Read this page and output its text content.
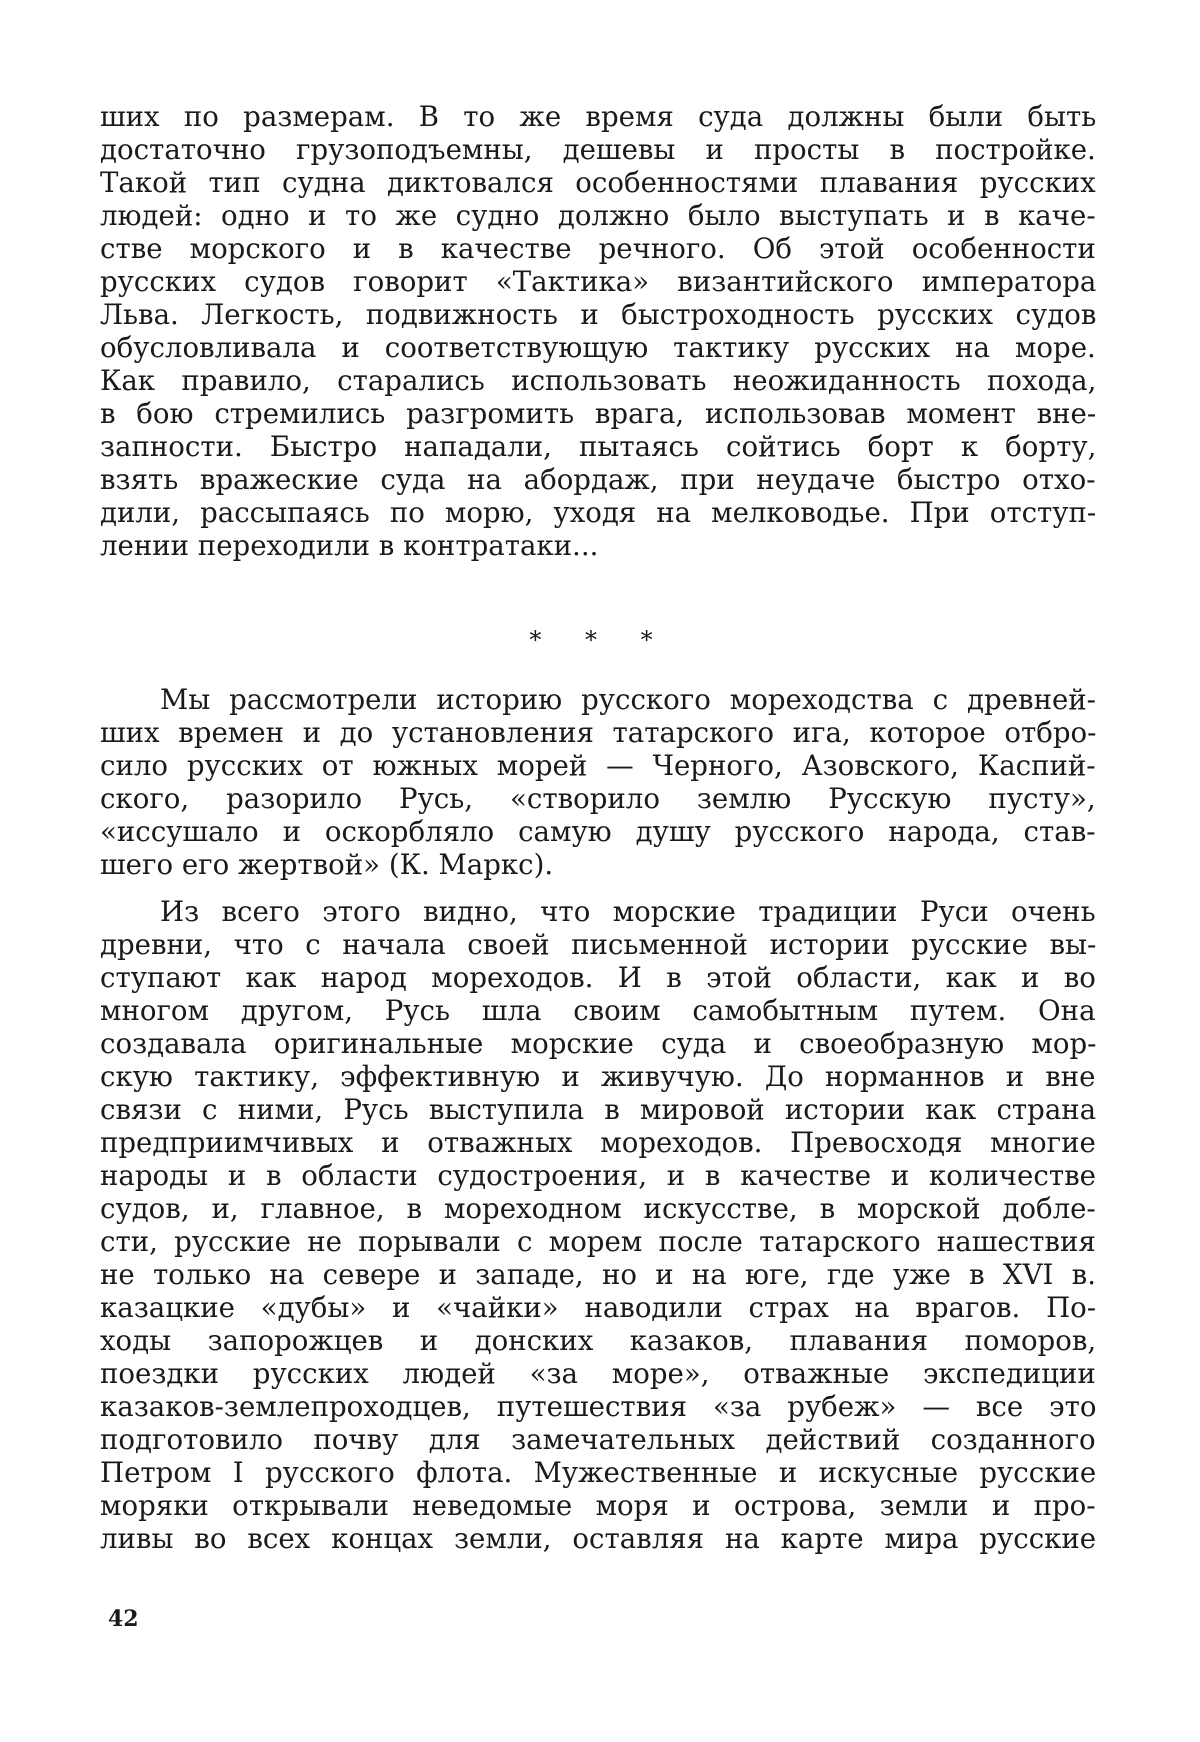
ших по размерам. В то же время суда должны были быть
достаточно грузоподъемны, дешевы и просты в постройке.
Такой тип судна диктовался особенностями плавания русских
людей: одно и то же судно должно было выступать и в каче-
стве морского и в качестве речного. Об этой особенности
русских судов говорит «Тактика» византийского императора
Льва. Легкость, подвижность и быстроходность русских судов
обусловливала и соответствующую тактику русских на море.
Как правило, старались использовать неожиданность похода,
в бою стремились разгромить врага, использовав момент вне-
запности. Быстро нападали, пытаясь сойтись борт к борту,
взять вражеские суда на абордаж, при неудаче быстро отхо-
дили, рассыпаясь по морю, уходя на мелководье. При отступ-
лении переходили в контратаки...
* * *
Мы рассмотрели историю русского мореходства с древней-
ших времен и до установления татарского ига, которое отбро-
сило русских от южных морей — Черного, Азовского, Каспий-
ского, разорило Русь, «створило землю Русскую пусту»,
«иссушало и оскорбляло самую душу русского народа, став-
шего его жертвой» (К. Маркс).
Из всего этого видно, что морские традиции Руси очень
древни, что с начала своей письменной истории русские вы-
ступают как народ мореходов. И в этой области, как и во
многом другом, Русь шла своим самобытным путем. Она
создавала оригинальные морские суда и своеобразную мор-
скую тактику, эффективную и живучую. До норманнов и вне
связи с ними, Русь выступила в мировой истории как страна
предприимчивых и отважных мореходов. Превосходя многие
народы и в области судостроения, и в качестве и количестве
судов, и, главное, в мореходном искусстве, в морской добле-
сти, русские не порывали с морем после татарского нашествия
не только на севере и западе, но и на юге, где уже в XVI в.
казацкие «дубы» и «чайки» наводили страх на врагов. По-
ходы запорожцев и донских казаков, плавания поморов,
поездки русских людей «за море», отважные экспедиции
казаков-землепроходцев, путешествия «за рубеж» — все это
подготовило почву для замечательных действий созданного
Петром I русского флота. Мужественные и искусные русские
моряки открывали неведомые моря и острова, земли и про-
ливы во всех концах земли, оставляя на карте мира русские
42
